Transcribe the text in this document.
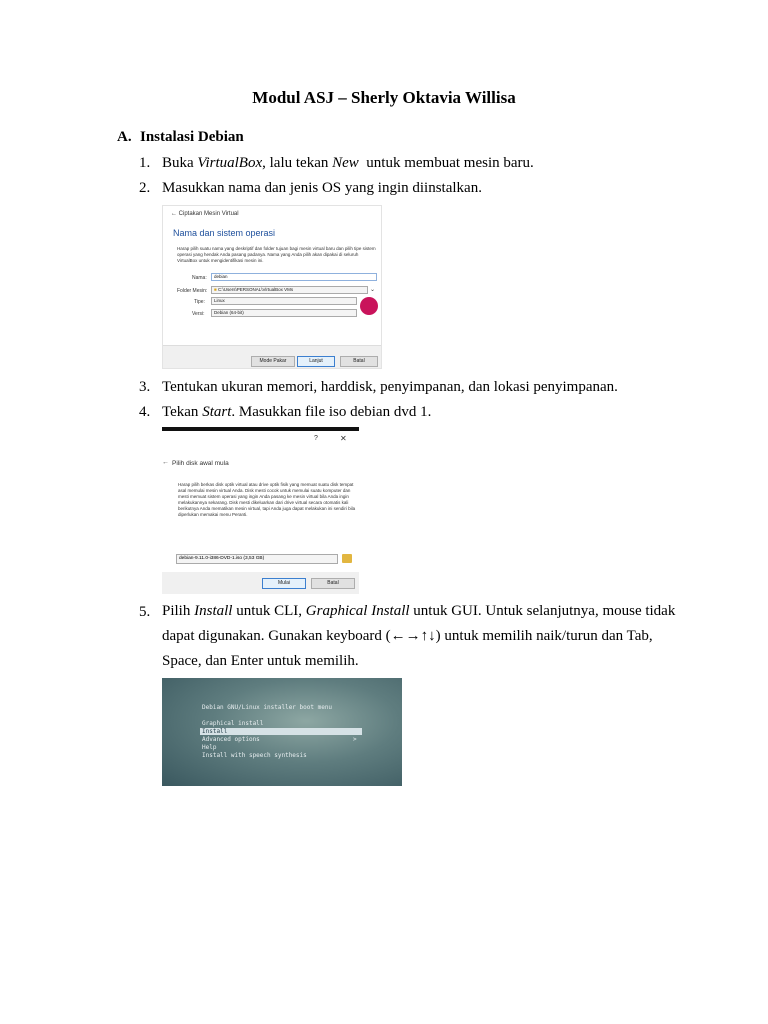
Modul ASJ – Sherly Oktavia Willisa
A. Instalasi Debian
1. Buka VirtualBox, lalu tekan New  untuk membuat mesin baru.
2. Masukkan nama dan jenis OS yang ingin diinstalkan.
← Ciptakan Mesin Virtual
Nama dan sistem operasi
Harap pilih suatu nama yang deskriptif dan folder tujuan bagi mesin virtual baru dan pilih tipe sistem operasi yang hendak Anda pasang padanya. Nama yang Anda pilih akan dipakai di seluruh VirtualBox untuk mengidentifikasi mesin ini.
Nama:	debian
Folder Mesin:	■ C:\Users\PERSONAL\VirtualBox VMs	⌄
Tipe:	Linux
Versi:	Debian (64-bit)
Mode Pakar	Lanjut	Batal
3. Tentukan ukuran memori, harddisk, penyimpanan, dan lokasi penyimpanan.
4. Tekan Start. Masukkan file iso debian dvd 1.
?	✕
← Pilih disk awal mula
Harap pilih berkas disk optik virtual atau drive optik fisik yang memuat suatu disk tempat asal memulai mesin virtual Anda. Disk mesti cocok untuk memulai suatu komputer dan mesti memuat sistem operasi yang ingin Anda pasang ke mesin virtual bila Anda ingin melakukannya sekarang. Disk mesti dikeluarkan dari drive virtual secara otomatis kali berikutnya Anda mematikan mesin virtual, tapi Anda juga dapat melakukan ini sendiri bila diperlukan memakai menu Peranti.
debian-9.11.0-i386-DVD-1.iso (3,53 GB)
Mulai	Batal
5. Pilih Install untuk CLI, Graphical Install untuk GUI. Untuk selanjutnya, mouse tidak dapat digunakan. Gunakan keyboard (←→↑↓) untuk memilih naik/turun dan Tab, Space, dan Enter untuk memilih.
Debian GNU/Linux installer boot menu
Graphical install
Install
Advanced options	>
Help
Install with speech synthesis
